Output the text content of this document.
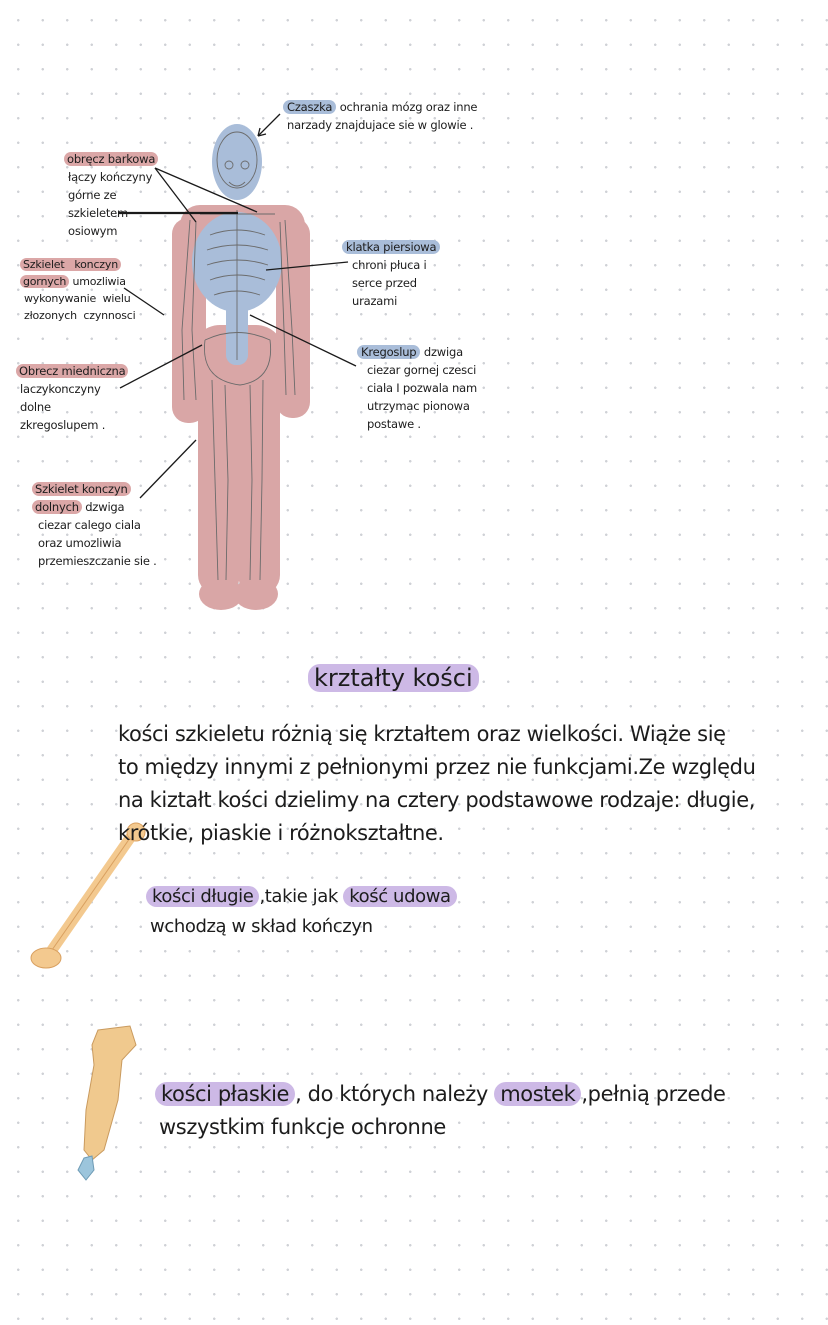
Czaszka ochrania mózg oraz inne
narzady znajdujace sie w glowie .
obręcz barkowa
łączy kończyny
górne ze
szkieletem
osiowym
klatka piersiowa
chroni płuca i
serce przed
urazami
Szkielet   konczyn
gornych umozliwia
wykonywanie  wielu
złozonych  czynnosci
Kregoslup dzwiga
ciezar gornej czesci
ciala I pozwala nam
utrzymac pionowa
postawe .
Obrecz miedniczna
laczykonczyny
dolne
zkregoslupem .
Szkielet konczyn
dolnych dzwiga
ciezar calego ciala
oraz umozliwia
przemieszczanie sie .
krztałty kości
kości szkieletu różnią się krztałtem oraz wielkości. Wiąże się
to między innymi z pełnionymi przez nie funkcjami.Ze względu
na kiztałt kości dzielimy na cztery podstawowe rodzaje: długie,
krótkie, piaskie i różnokształtne.
kości długie ,takie jak kość udowa
wchodzą w skład kończyn
kości płaskie , do których należy mostek ,pełnią przede
wszystkim funkcje ochronne
